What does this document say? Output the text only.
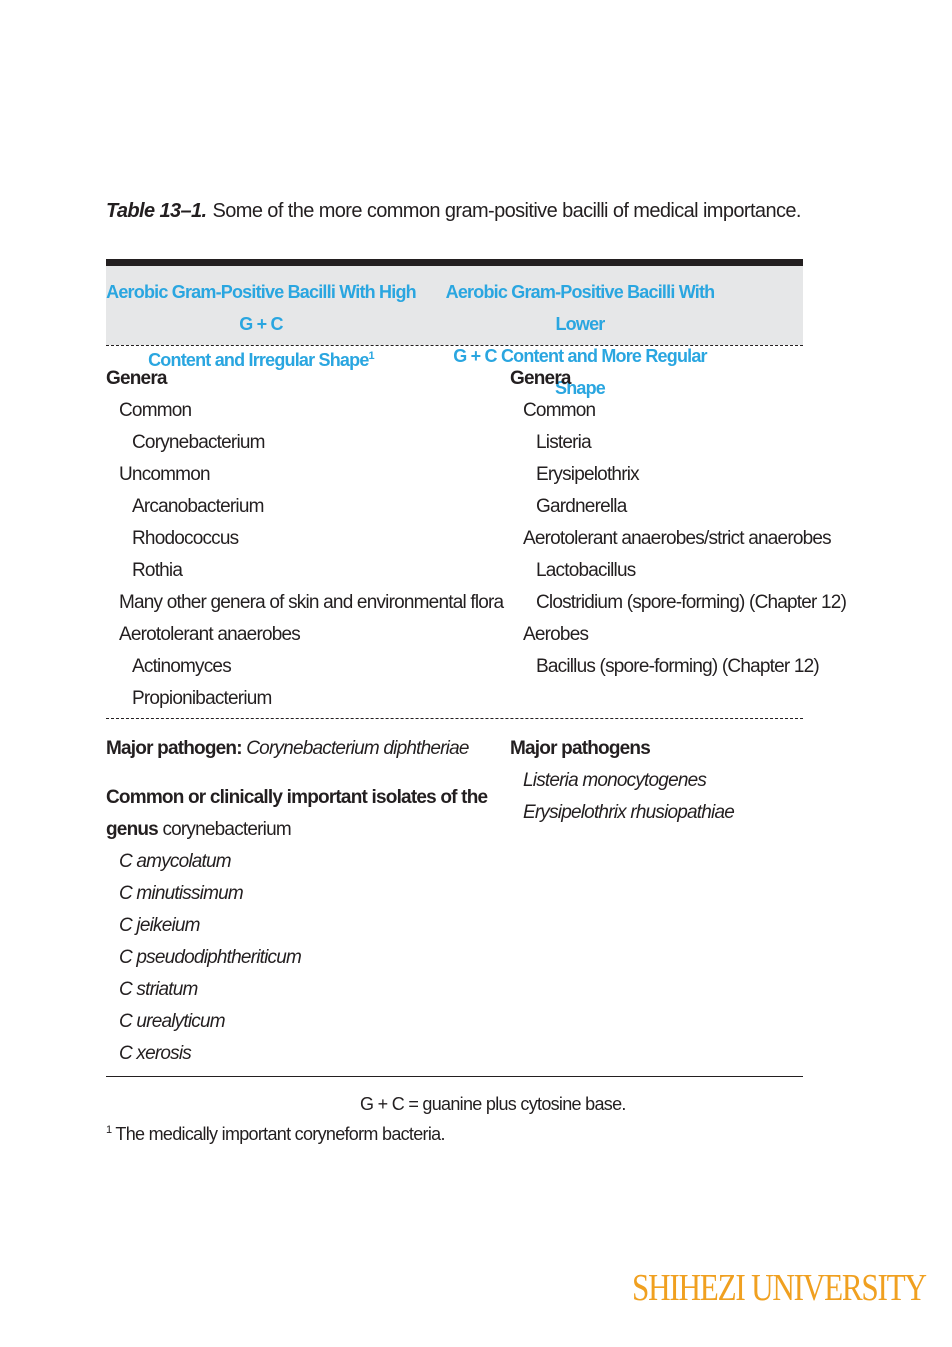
Table 13–1. Some of the more common gram-positive bacilli of medical importance.
Aerobic Gram-Positive Bacilli With High G + C
Content and Irregular Shape$^1$
Aerobic Gram-Positive Bacilli With Lower
G + C Content and More Regular Shape
Genera
Common
Corynebacterium
Uncommon
Arcanobacterium
Rhodococcus
Rothia
Many other genera of skin and environmental flora
Aerotolerant anaerobes
Actinomyces
Propionibacterium
Genera
Common
Listeria
Erysipelothrix
Gardnerella
Aerotolerant anaerobes/strict anaerobes
Lactobacillus
Clostridium (spore-forming) (Chapter 12)
Aerobes
Bacillus (spore-forming) (Chapter 12)
Major pathogen: Corynebacterium diphtheriae
Common or clinically important isolates of the
genus corynebacterium
C amycolatum
C minutissimum
C jeikeium
C pseudodiphtheriticum
C striatum
C urealyticum
C xerosis
Major pathogens
Listeria monocytogenes
Erysipelothrix rhusiopathiae
G + C = guanine plus cytosine base.
$^1$ The medically important coryneform bacteria.
SHIHEZI UNIVERSITY
